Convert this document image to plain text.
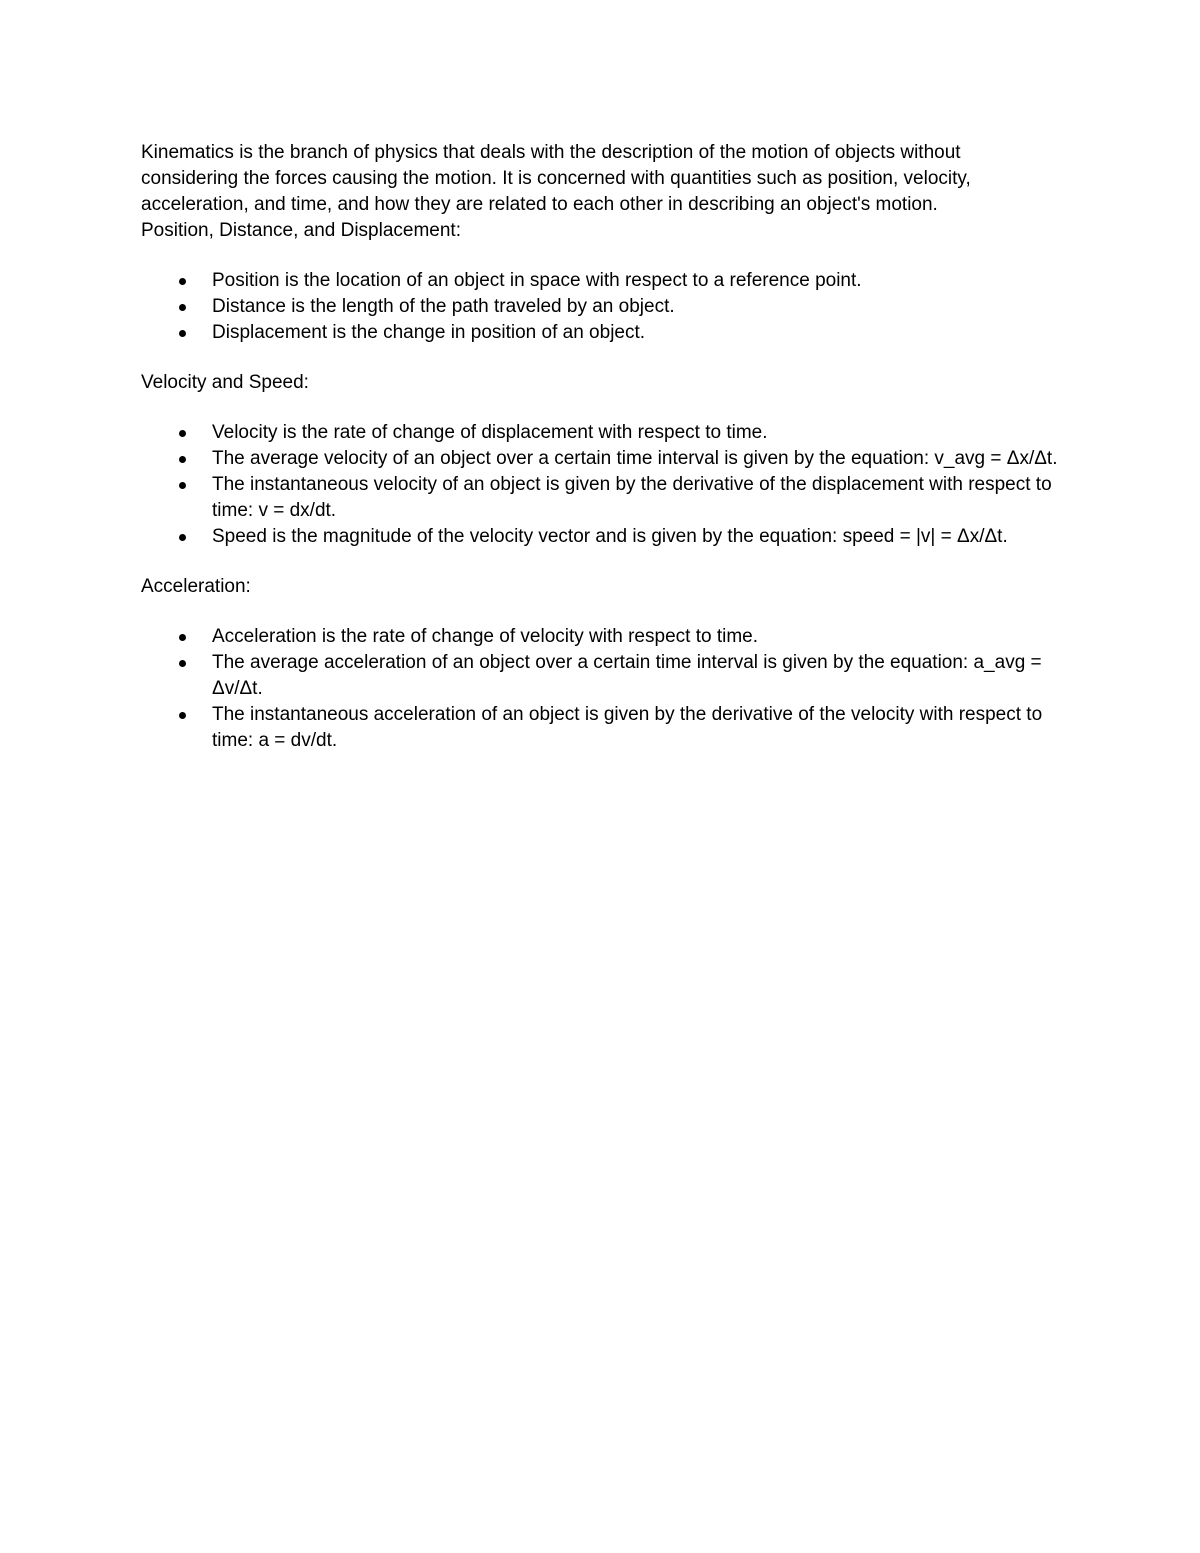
Kinematics is the branch of physics that deals with the description of the motion of objects without considering the forces causing the motion. It is concerned with quantities such as position, velocity, acceleration, and time, and how they are related to each other in describing an object's motion.

Position, Distance, and Displacement:

Position is the location of an object in space with respect to a reference point.
Distance is the length of the path traveled by an object.
Displacement is the change in position of an object.

Velocity and Speed:

Velocity is the rate of change of displacement with respect to time.
The average velocity of an object over a certain time interval is given by the equation: v_avg = Δx/Δt.
The instantaneous velocity of an object is given by the derivative of the displacement with respect to time: v = dx/dt.
Speed is the magnitude of the velocity vector and is given by the equation: speed = |v| = Δx/Δt.

Acceleration:

Acceleration is the rate of change of velocity with respect to time.
The average acceleration of an object over a certain time interval is given by the equation: a_avg = Δv/Δt.
The instantaneous acceleration of an object is given by the derivative of the velocity with respect to time: a = dv/dt.
